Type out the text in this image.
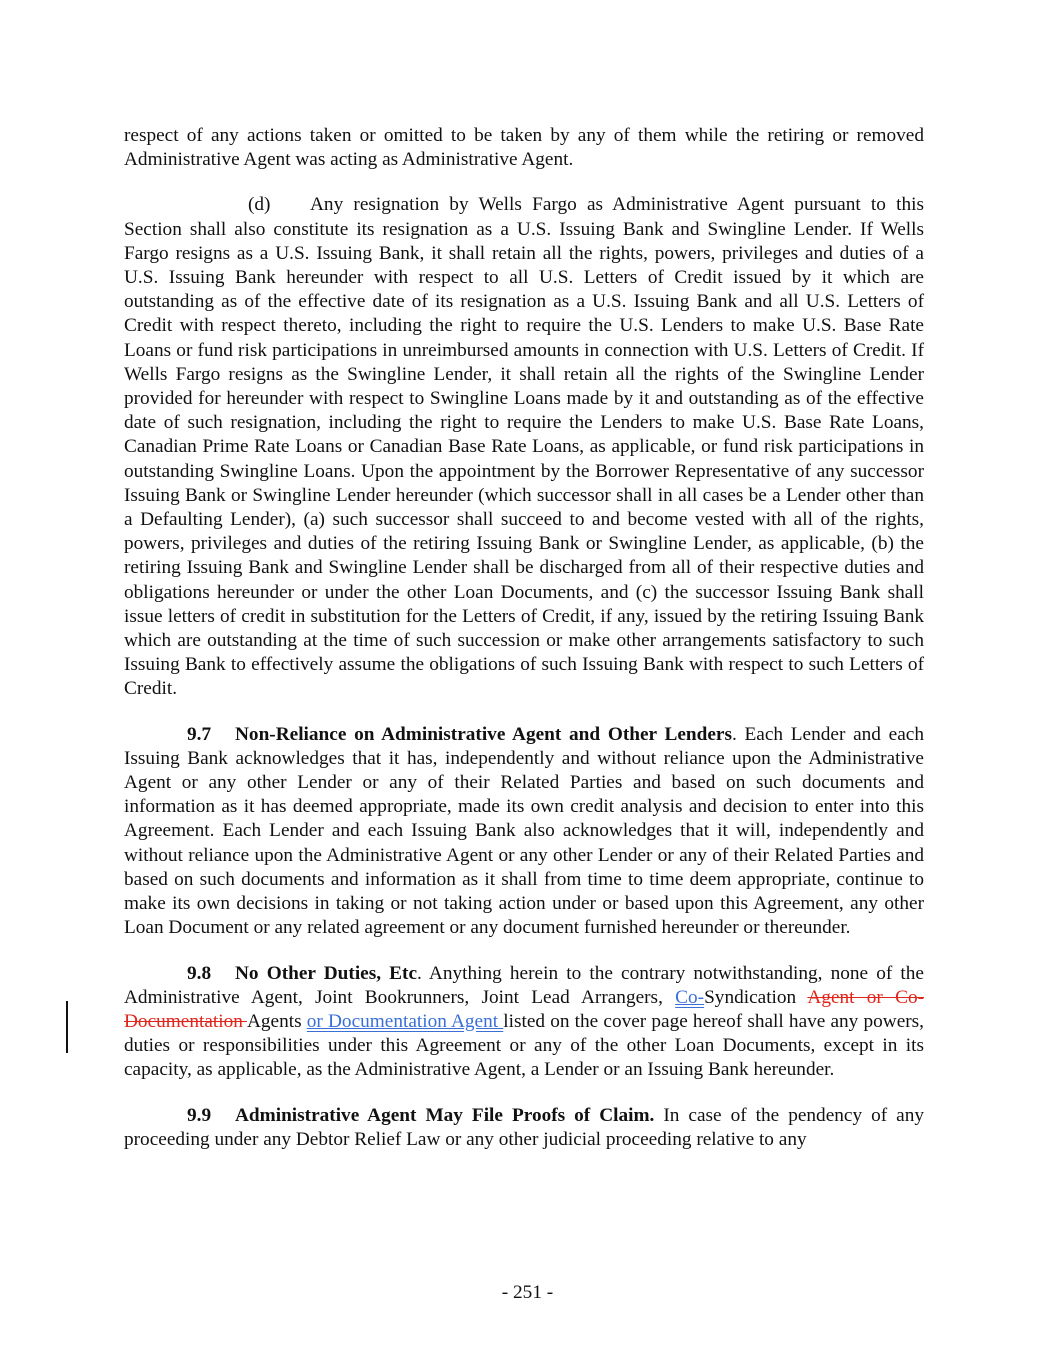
respect of any actions taken or omitted to be taken by any of them while the retiring or removed Administrative Agent was acting as Administrative Agent.

(d) Any resignation by Wells Fargo as Administrative Agent pursuant to this Section shall also constitute its resignation as a U.S. Issuing Bank and Swingline Lender. If Wells Fargo resigns as a U.S. Issuing Bank, it shall retain all the rights, powers, privileges and duties of a U.S. Issuing Bank hereunder with respect to all U.S. Letters of Credit issued by it which are outstanding as of the effective date of its resignation as a U.S. Issuing Bank and all U.S. Letters of Credit with respect thereto, including the right to require the U.S. Lenders to make U.S. Base Rate Loans or fund risk participations in unreimbursed amounts in connection with U.S. Letters of Credit. If Wells Fargo resigns as the Swingline Lender, it shall retain all the rights of the Swingline Lender provided for hereunder with respect to Swingline Loans made by it and outstanding as of the effective date of such resignation, including the right to require the Lenders to make U.S. Base Rate Loans, Canadian Prime Rate Loans or Canadian Base Rate Loans, as applicable, or fund risk participations in outstanding Swingline Loans. Upon the appointment by the Borrower Representative of any successor Issuing Bank or Swingline Lender hereunder (which successor shall in all cases be a Lender other than a Defaulting Lender), (a) such successor shall succeed to and become vested with all of the rights, powers, privileges and duties of the retiring Issuing Bank or Swingline Lender, as applicable, (b) the retiring Issuing Bank and Swingline Lender shall be discharged from all of their respective duties and obligations hereunder or under the other Loan Documents, and (c) the successor Issuing Bank shall issue letters of credit in substitution for the Letters of Credit, if any, issued by the retiring Issuing Bank which are outstanding at the time of such succession or make other arrangements satisfactory to such Issuing Bank to effectively assume the obligations of such Issuing Bank with respect to such Letters of Credit.

9.7 Non-Reliance on Administrative Agent and Other Lenders. Each Lender and each Issuing Bank acknowledges that it has, independently and without reliance upon the Administrative Agent or any other Lender or any of their Related Parties and based on such documents and information as it has deemed appropriate, made its own credit analysis and decision to enter into this Agreement. Each Lender and each Issuing Bank also acknowledges that it will, independently and without reliance upon the Administrative Agent or any other Lender or any of their Related Parties and based on such documents and information as it shall from time to time deem appropriate, continue to make its own decisions in taking or not taking action under or based upon this Agreement, any other Loan Document or any related agreement or any document furnished hereunder or thereunder.

9.8 No Other Duties, Etc. Anything herein to the contrary notwithstanding, none of the Administrative Agent, Joint Bookrunners, Joint Lead Arrangers, Co-Syndication Agent or Co-Documentation Agents or Documentation Agent listed on the cover page hereof shall have any powers, duties or responsibilities under this Agreement or any of the other Loan Documents, except in its capacity, as applicable, as the Administrative Agent, a Lender or an Issuing Bank hereunder.

9.9 Administrative Agent May File Proofs of Claim. In case of the pendency of any proceeding under any Debtor Relief Law or any other judicial proceeding relative to any

- 251 -
